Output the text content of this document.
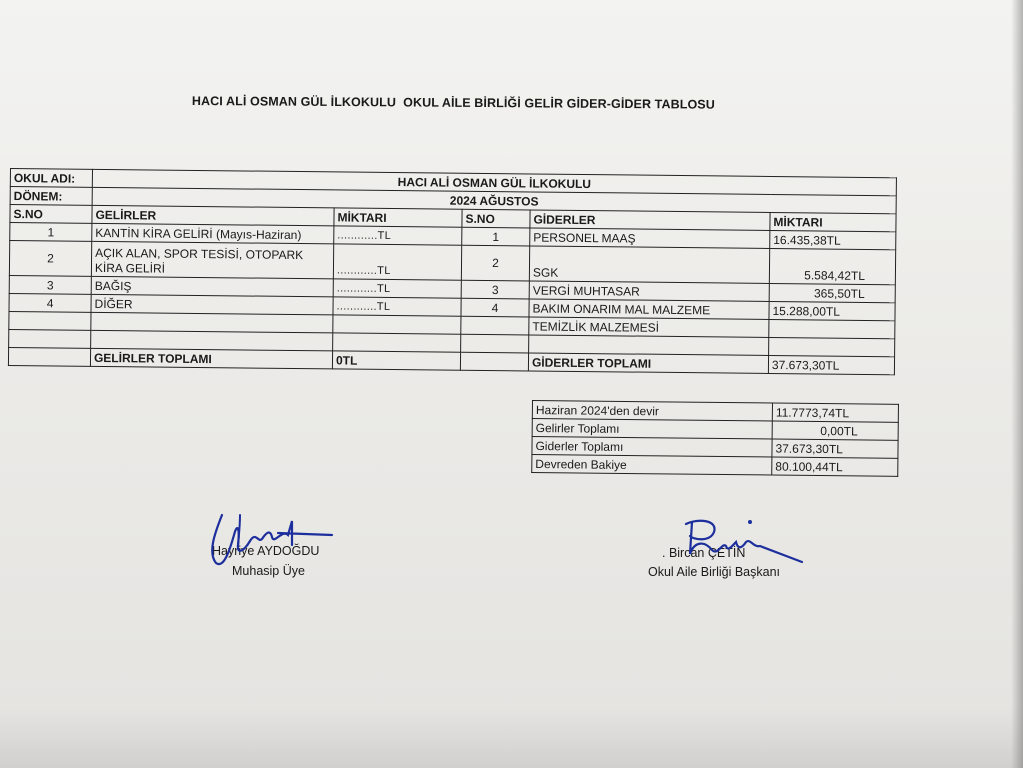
HACI ALİ OSMAN GÜL İLKOKULU  OKUL AİLE BİRLİĞİ GELİR GİDER-GİDER TABLOSU
OKUL ADI:	HACI ALİ OSMAN GÜL İLKOKULU				
DÖNEM:	2024 AĞUSTOS				
S.NO	GELİRLER	MİKTARI	S.NO	GİDERLER	MİKTARI
1	KANTİN KİRA GELİRİ (Mayıs-Haziran)	............TL	1	PERSONEL MAAŞ	16.435,38TL
2	AÇIK ALAN, SPOR TESİSİ, OTOPARK
KİRA GELİRİ	............TL	2	SGK	5.584,42TL
3	BAĞIŞ	............TL	3	VERGİ MUHTASAR	365,50TL
4	DİĞER	............TL	4	BAKIM ONARIM MAL MALZEME	15.288,00TL
				TEMİZLİK MALZEMESİ	

	GELİRLER TOPLAMI	0TL		GİDERLER TOPLAMI	37.673,30TL
Haziran 2024'den devir	11.7773,74TL
Gelirler Toplamı	0,00TL
Giderler Toplamı	37.673,30TL
Devreden Bakiye	80.100,44TL
Hayriye AYDOĞDU
Muhasip Üye
. Bircan ÇETİN
Okul Aile Birliği Başkanı
